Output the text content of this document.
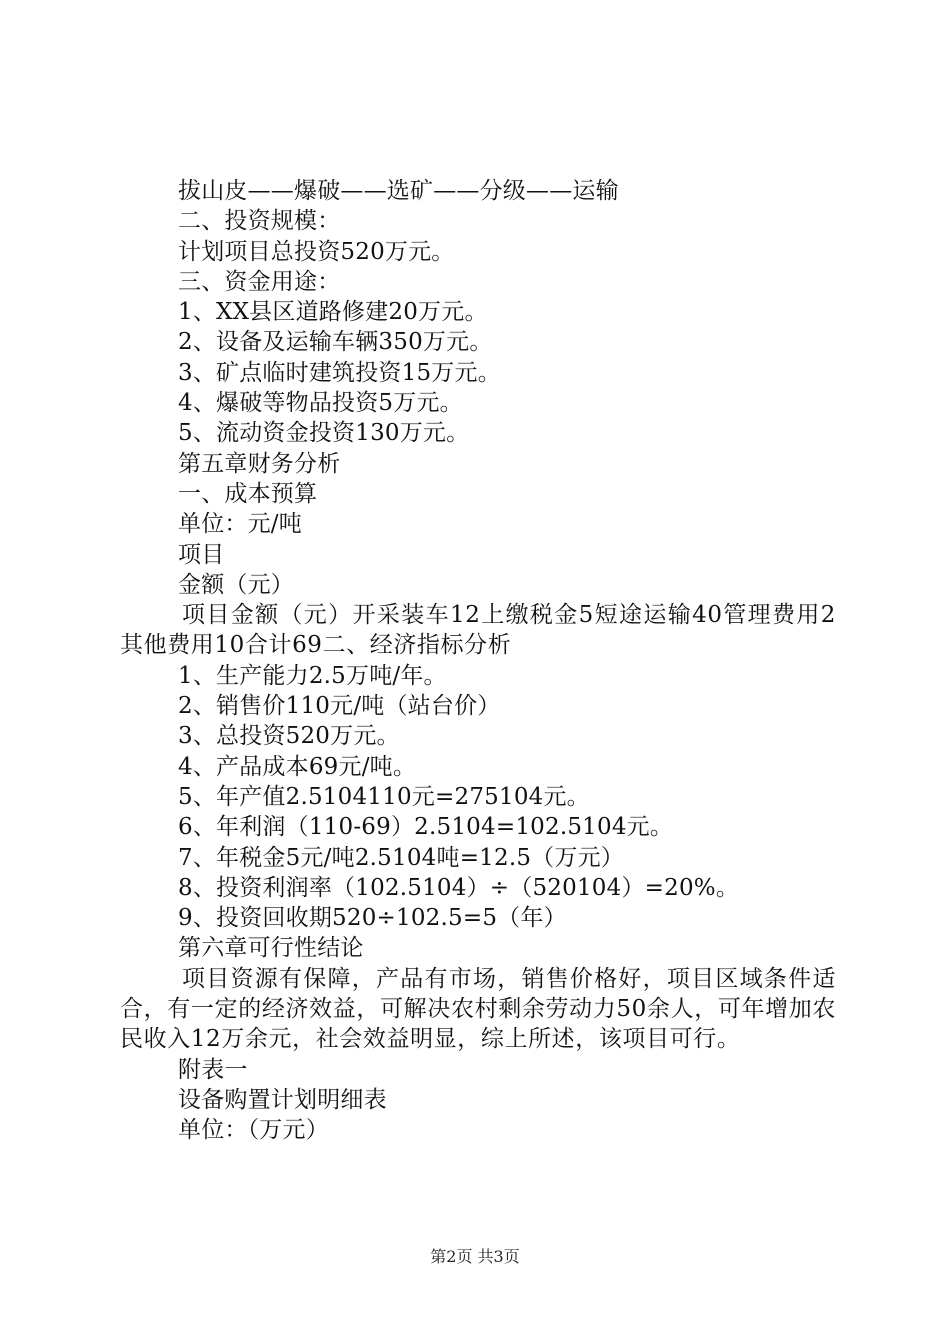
拔山皮——爆破——选矿——分级——运输
二、投资规模：
计划项目总投资520万元。
三、资金用途：
1、XX县区道路修建20万元。
2、设备及运输车辆350万元。
3、矿点临时建筑投资15万元。
4、爆破等物品投资5万元。
5、流动资金投资130万元。
第五章财务分析
一、成本预算
单位：元/吨
项目
金额（元）

项目金额（元）开采装车12上缴税金5短途运输40管理费用2其他费用10合计69二、经济指标分析

1、生产能力2.5万吨/年。
2、销售价110元/吨（站台价）
3、总投资520万元。
4、产品成本69元/吨。
5、年产值2.5104110元=275104元。
6、年利润（110-69）2.5104=102.5104元。
7、年税金5元/吨2.5104吨=12.5（万元）
8、投资利润率（102.5104）÷（520104）=20%。
9、投资回收期520÷102.5=5（年）
第六章可行性结论

项目资源有保障，产品有市场，销售价格好，项目区域条件适合，有一定的经济效益，可解决农村剩余劳动力50余人，可年增加农民收入12万余元，社会效益明显，综上所述，该项目可行。

附表一
设备购置计划明细表
单位：（万元）
第2页 共3页
